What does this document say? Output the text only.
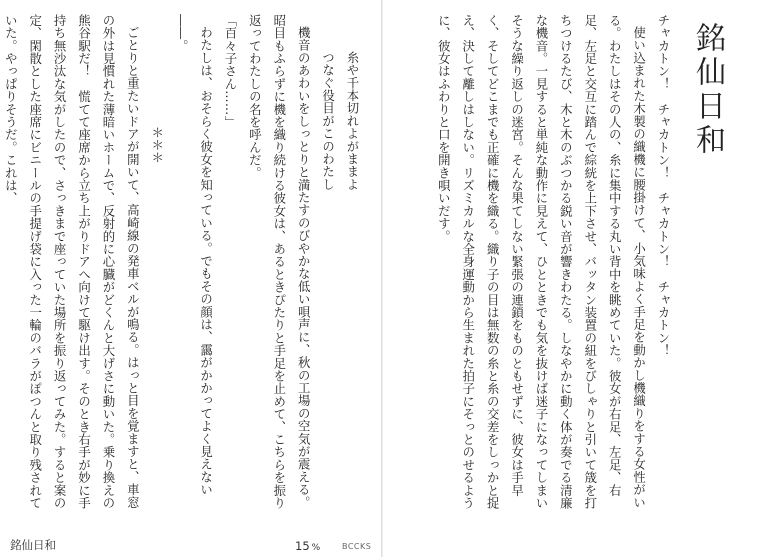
糸や千本切れよがままよ

つなぐ役目がこのわたし

機音のあわいをしっとりと満たすのびやかな低い唄声に、秋の工場の空気が震える。昭目もふらずに機を織り続ける彼女は、あるときぴたりと手足を止めて、こちらを振り返ってわたしの名を呼んだ。

「百々子さん……」

わたしは、おそらく彼女を知っている。でもその顔は、靄がかかってよく見えない――。

＊＊＊

ごとりと重たいドアが開いて、高崎線の発車ベルが鳴る。はっと目を覚ますと、車窓の外は見慣れた薄暗いホームで、反射的に心臓がどくんと大げさに動いた。乗り換えの熊谷駅だ！　慌てて座席から立ち上がりドアへ向けて駆け出す。そのとき右手が妙に手持ち無沙汰な気がしたので、さっきまで座っていた場所を振り返ってみた。すると案の定、閑散とした座席にビニールの手提げ袋に入った一輪のバラがぽつんと取り残されていた。やっぱりそうだ。これは、

銘仙日和	15 %	BCCKS
銘仙日和

チャカトン！　チャカトン！　チャカトン！　チャカトン！

使い込まれた木製の織機に腰掛けて、小気味よく手足を動かし機織りをする女性がいる。わたしはその人の、糸に集中する丸い背中を眺めていた。彼女が右足、左足、右足、左足と交互に踏んで綜絖を上下させ、バッタン装置の紐をびしゃりと引いて筬を打ちつけるたび、木と木のぶつかる鋭い音が響きわたる。しなやかに動く体が奏でる清廉な機音。一見すると単純な動作に見えて、ひとときでも気を抜けば迷子になってしまいそうな繰り返しの迷宮。そんな果てしない緊張の連鎖をものともせずに、彼女は手早く、そしてどこまでも正確に機を織る。織り子の目は無数の糸と糸の交差をしっかと捉え、決して離しはしない。リズミカルな全身運動から生まれた拍子にそっとのせるように、彼女はふわりと口を開き唄いだす。
